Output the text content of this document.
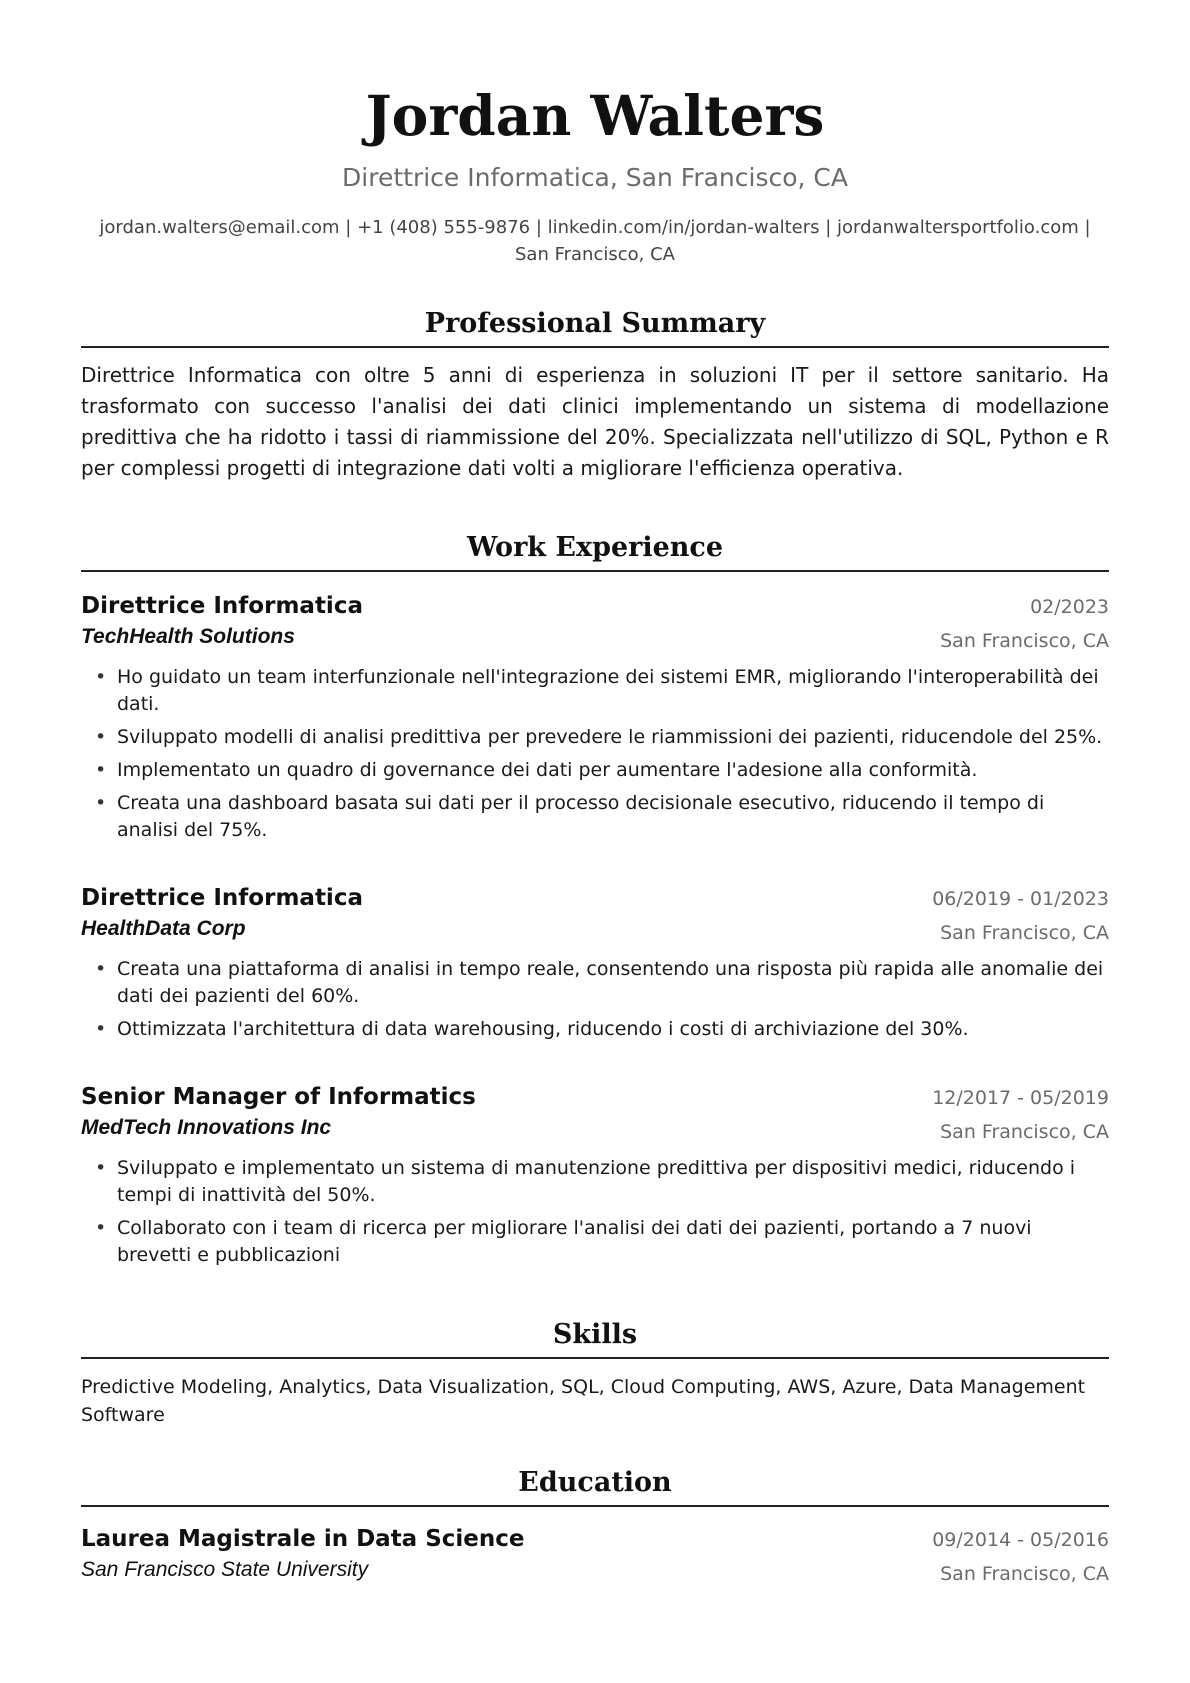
Jordan Walters
Direttrice Informatica, San Francisco, CA
jordan.walters@email.com | +1 (408) 555-9876 | linkedin.com/in/jordan-walters | jordanwaltersportfolio.com | San Francisco, CA
Professional Summary
Direttrice Informatica con oltre 5 anni di esperienza in soluzioni IT per il settore sanitario. Ha trasformato con successo l'analisi dei dati clinici implementando un sistema di modellazione predittiva che ha ridotto i tassi di riammissione del 20%. Specializzata nell'utilizzo di SQL, Python e R per complessi progetti di integrazione dati volti a migliorare l'efficienza operativa.
Work Experience
Direttrice Informatica	02/2023
TechHealth Solutions	San Francisco, CA
• Ho guidato un team interfunzionale nell'integrazione dei sistemi EMR, migliorando l'interoperabilità dei dati.
• Sviluppato modelli di analisi predittiva per prevedere le riammissioni dei pazienti, riducendole del 25%.
• Implementato un quadro di governance dei dati per aumentare l'adesione alla conformità.
• Creata una dashboard basata sui dati per il processo decisionale esecutivo, riducendo il tempo di analisi del 75%.
Direttrice Informatica	06/2019 - 01/2023
HealthData Corp	San Francisco, CA
• Creata una piattaforma di analisi in tempo reale, consentendo una risposta più rapida alle anomalie dei dati dei pazienti del 60%.
• Ottimizzata l'architettura di data warehousing, riducendo i costi di archiviazione del 30%.
Senior Manager of Informatics	12/2017 - 05/2019
MedTech Innovations Inc	San Francisco, CA
• Sviluppato e implementato un sistema di manutenzione predittiva per dispositivi medici, riducendo i tempi di inattività del 50%.
• Collaborato con i team di ricerca per migliorare l'analisi dei dati dei pazienti, portando a 7 nuovi brevetti e pubblicazioni
Skills
Predictive Modeling, Analytics, Data Visualization, SQL, Cloud Computing, AWS, Azure, Data Management Software
Education
Laurea Magistrale in Data Science	09/2014 - 05/2016
San Francisco State University	San Francisco, CA
